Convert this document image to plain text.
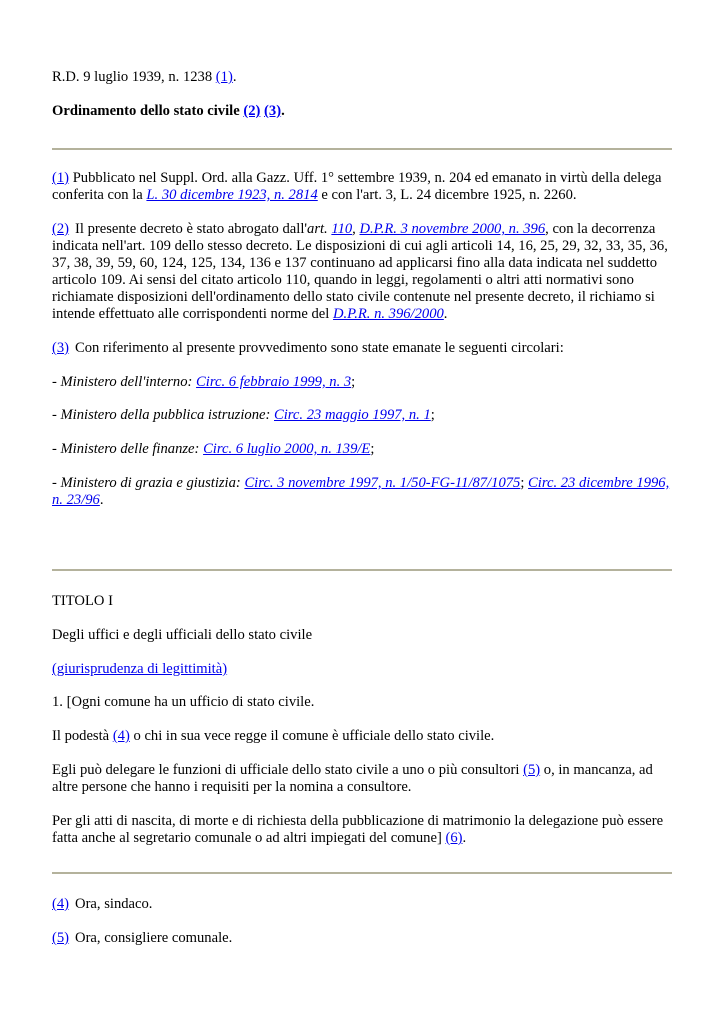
R.D. 9 luglio 1939, n. 1238 (1).

Ordinamento dello stato civile (2) (3).

(1) Pubblicato nel Suppl. Ord. alla Gazz. Uff. 1° settembre 1939, n. 204 ed emanato in virtù della delega conferita con la L. 30 dicembre 1923, n. 2814 e con l'art. 3, L. 24 dicembre 1925, n. 2260.

(2) Il presente decreto è stato abrogato dall'art. 110, D.P.R. 3 novembre 2000, n. 396, con la decorrenza indicata nell'art. 109 dello stesso decreto. Le disposizioni di cui agli articoli 14, 16, 25, 29, 32, 33, 35, 36, 37, 38, 39, 59, 60, 124, 125, 134, 136 e 137 continuano ad applicarsi fino alla data indicata nel suddetto articolo 109. Ai sensi del citato articolo 110, quando in leggi, regolamenti o altri atti normativi sono richiamate disposizioni dell'ordinamento dello stato civile contenute nel presente decreto, il richiamo si intende effettuato alle corrispondenti norme del D.P.R. n. 396/2000.

(3) Con riferimento al presente provvedimento sono state emanate le seguenti circolari:

- Ministero dell'interno: Circ. 6 febbraio 1999, n. 3;

- Ministero della pubblica istruzione: Circ. 23 maggio 1997, n. 1;

- Ministero delle finanze: Circ. 6 luglio 2000, n. 139/E;

- Ministero di grazia e giustizia: Circ. 3 novembre 1997, n. 1/50-FG-11/87/1075; Circ. 23 dicembre 1996, n. 23/96.

TITOLO I

Degli uffici e degli ufficiali dello stato civile

(giurisprudenza di legittimità)

1. [Ogni comune ha un ufficio di stato civile.

Il podestà (4) o chi in sua vece regge il comune è ufficiale dello stato civile.

Egli può delegare le funzioni di ufficiale dello stato civile a uno o più consultori (5) o, in mancanza, ad altre persone che hanno i requisiti per la nomina a consultore.

Per gli atti di nascita, di morte e di richiesta della pubblicazione di matrimonio la delegazione può essere fatta anche al segretario comunale o ad altri impiegati del comune] (6).

(4) Ora, sindaco.

(5) Ora, consigliere comunale.
